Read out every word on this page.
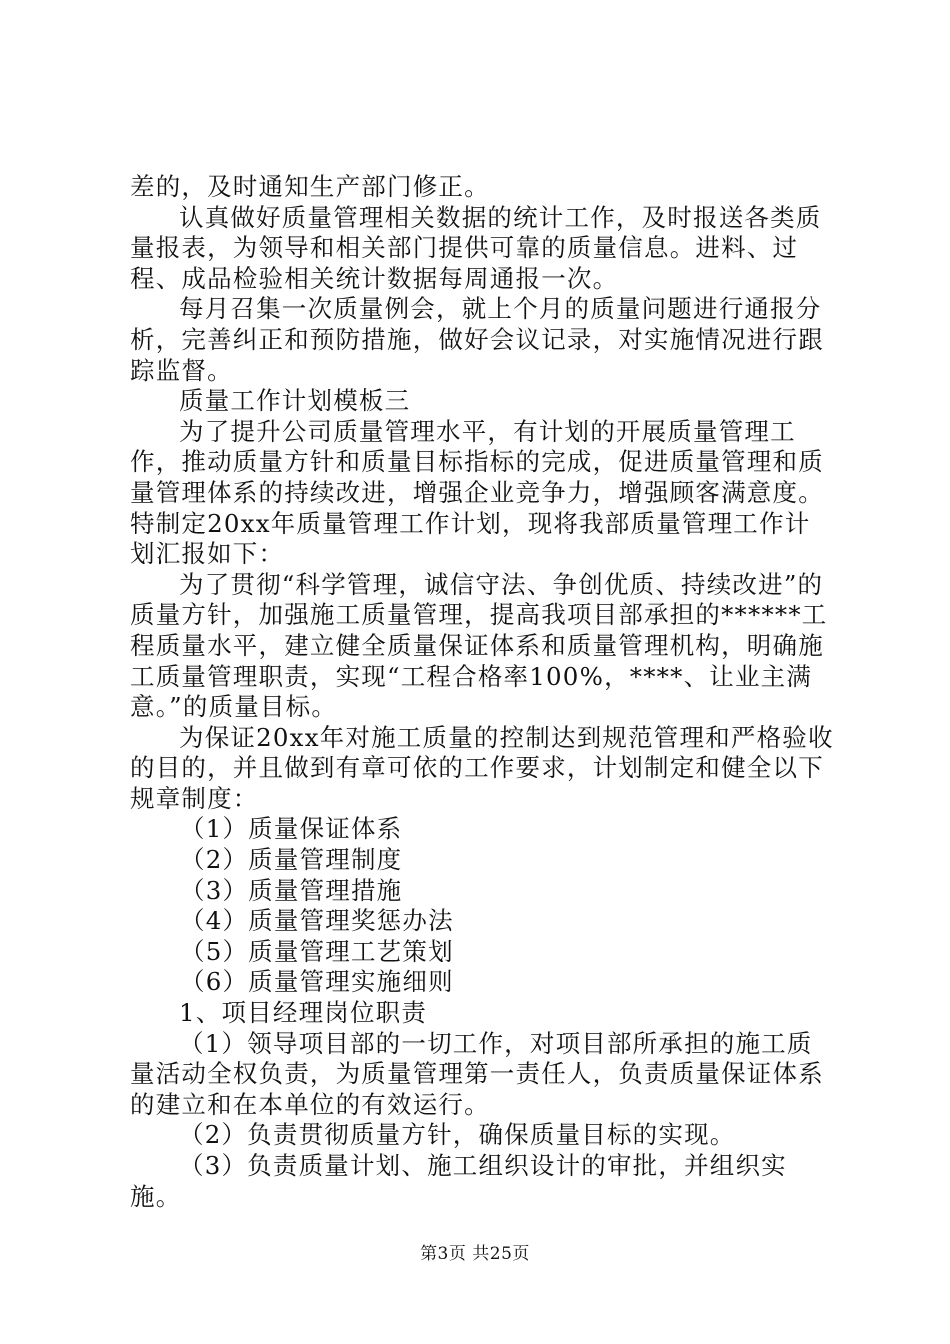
差的，及时通知生产部门修正。

认真做好质量管理相关数据的统计工作，及时报送各类质量报表，为领导和相关部门提供可靠的质量信息。进料、过程、成品检验相关统计数据每周通报一次。

每月召集一次质量例会，就上个月的质量问题进行通报分析，完善纠正和预防措施，做好会议记录，对实施情况进行跟踪监督。

质量工作计划模板三

为了提升公司质量管理水平，有计划的开展质量管理工作，推动质量方针和质量目标指标的完成，促进质量管理和质量管理体系的持续改进，增强企业竞争力，增强顾客满意度。特制定20xx年质量管理工作计划，现将我部质量管理工作计划汇报如下：

为了贯彻“科学管理，诚信守法、争创优质、持续改进”的质量方针，加强施工质量管理，提高我项目部承担的******工程质量水平，建立健全质量保证体系和质量管理机构，明确施工质量管理职责，实现“工程合格率100%，****、让业主满意。”的质量目标。

为保证20xx年对施工质量的控制达到规范管理和严格验收的目的，并且做到有章可依的工作要求，计划制定和健全以下规章制度：

（1）质量保证体系

（2）质量管理制度

（3）质量管理措施

（4）质量管理奖惩办法

（5）质量管理工艺策划

（6）质量管理实施细则

1、项目经理岗位职责

（1）领导项目部的一切工作，对项目部所承担的施工质量活动全权负责，为质量管理第一责任人，负责质量保证体系的建立和在本单位的有效运行。

（2）负责贯彻质量方针，确保质量目标的实现。

（3）负责质量计划、施工组织设计的审批，并组织实施。

第3页 共25页
